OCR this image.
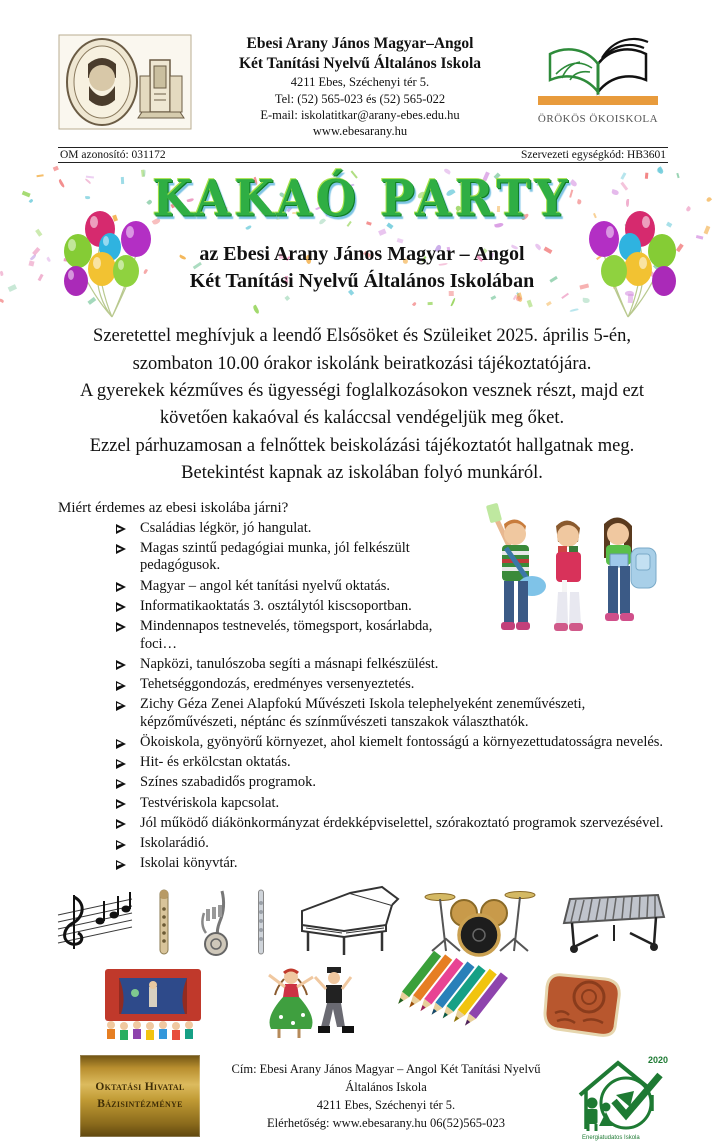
Ebesi Arany János Magyar–Angol
Két Tanítási Nyelvű Általános Iskola
4211 Ebes, Széchenyi tér 5.
Tel: (52) 565-023 és (52) 565-022
E-mail: iskolatitkar@arany-ebes.edu.hu
www.ebesarany.hu
ÖRÖKÖS ÖKOISKOLA
OM azonosító: 031172	Szervezeti egységkód: HB3601
KAKAÓ PARTY
az Ebesi Arany János Magyar – Angol
Két Tanítási Nyelvű Általános Iskolában

Szeretettel meghívjuk a leendő Elsősöket és Szüleiket 2025. április 5-én, szombaton 10.00 órakor iskolánk beiratkozási tájékoztatójára.

A gyerekek kézműves és ügyességi foglalkozásokon vesznek részt, majd ezt követően kakaóval és kaláccsal vendégeljük meg őket.

Ezzel párhuzamosan a felnőttek beiskolázási tájékoztatót hallgatnak meg. Betekintést kapnak az iskolában folyó munkáról.

Miért érdemes az ebesi iskolába járni?
Családias légkör, jó hangulat.
Magas szintű pedagógiai munka, jól felkészült pedagógusok.
Magyar – angol két tanítási nyelvű oktatás.
Informatikaoktatás 3. osztálytól kiscsoportban.
Mindennapos testnevelés, tömegsport, kosárlabda, foci…
Napközi, tanulószoba segíti a másnapi felkészülést.
Tehetséggondozás, eredményes versenyeztetés.
Zichy Géza Zenei Alapfokú Művészeti Iskola telephelyeként zeneművészeti, képzőművészeti, néptánc és színművészeti tanszakok választhatók.
Ökoiskola, gyönyörű környezet, ahol kiemelt fontosságú a környezettudatosságra nevelés.
Hit- és erkölcstan oktatás.
Színes szabadidős programok.
Testvériskola kapcsolat.
Jól működő diákönkormányzat érdekképviselettel, szórakoztató programok szervezésével.
Iskolarádió.
Iskolai könyvtár.
Oktatási Hivatal
Bázisintézménye
Cím: Ebesi Arany János Magyar – Angol Két Tanítási Nyelvű Általános Iskola
4211 Ebes, Széchenyi tér 5.
Elérhetőség: www.ebesarany.hu 06(52)565-023
2020
Energiatudatos Iskola
